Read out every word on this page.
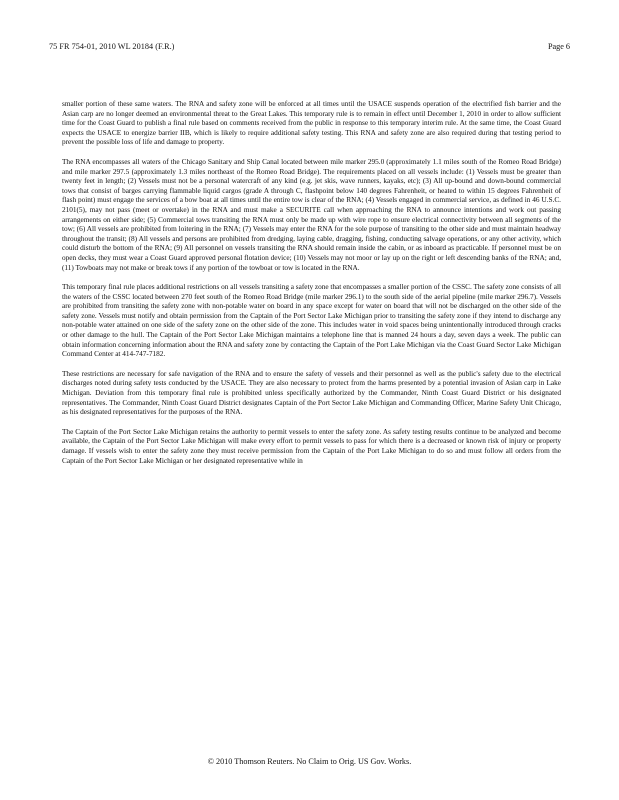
75 FR 754-01, 2010 WL 20184 (F.R.)	Page 6

smaller portion of these same waters. The RNA and safety zone will be enforced at all times until the USACE suspends operation of the electrified fish barrier and the Asian carp are no longer deemed an environmental threat to the Great Lakes. This temporary rule is to remain in effect until December 1, 2010 in order to allow sufficient time for the Coast Guard to publish a final rule based on comments received from the public in response to this temporary interim rule. At the same time, the Coast Guard expects the USACE to energize barrier IIB, which is likely to require additional safety testing. This RNA and safety zone are also required during that testing period to prevent the possible loss of life and damage to property.

The RNA encompasses all waters of the Chicago Sanitary and Ship Canal located between mile marker 295.0 (approximately 1.1 miles south of the Romeo Road Bridge) and mile marker 297.5 (approximately 1.3 miles northeast of the Romeo Road Bridge). The requirements placed on all vessels include: (1) Vessels must be greater than twenty feet in length; (2) Vessels must not be a personal watercraft of any kind (e.g. jet skis, wave runners, kayaks, etc); (3) All up-bound and down-bound commercial tows that consist of barges carrying flammable liquid cargos (grade A through C, flashpoint below 140 degrees Fahrenheit, or heated to within 15 degrees Fahrenheit of flash point) must engage the services of a bow boat at all times until the entire tow is clear of the RNA; (4) Vessels engaged in commercial service, as defined in 46 U.S.C. 2101(5), may not pass (meet or overtake) in the RNA and must make a SECURITE call when approaching the RNA to announce intentions and work out passing arrangements on either side; (5) Commercial tows transiting the RNA must only be made up with wire rope to ensure electrical connectivity between all segments of the tow; (6) All vessels are prohibited from loitering in the RNA; (7) Vessels may enter the RNA for the sole purpose of transiting to the other side and must maintain headway throughout the transit; (8) All vessels and persons are prohibited from dredging, laying cable, dragging, fishing, conducting salvage operations, or any other activity, which could disturb the bottom of the RNA; (9) All personnel on vessels transiting the RNA should remain inside the cabin, or as inboard as practicable. If personnel must be on open decks, they must wear a Coast Guard approved personal flotation device; (10) Vessels may not moor or lay up on the right or left descending banks of the RNA; and, (11) Towboats may not make or break tows if any portion of the towboat or tow is located in the RNA.

This temporary final rule places additional restrictions on all vessels transiting a safety zone that encompasses a smaller portion of the CSSC. The safety zone consists of all the waters of the CSSC located between 270 feet south of the Romeo Road Bridge (mile marker 296.1) to the south side of the aerial pipeline (mile marker 296.7). Vessels are prohibited from transiting the safety zone with non-potable water on board in any space except for water on board that will not be discharged on the other side of the safety zone. Vessels must notify and obtain permission from the Captain of the Port Sector Lake Michigan prior to transiting the safety zone if they intend to discharge any non-potable water attained on one side of the safety zone on the other side of the zone. This includes water in void spaces being unintentionally introduced through cracks or other damage to the hull. The Captain of the Port Sector Lake Michigan maintains a telephone line that is manned 24 hours a day, seven days a week. The public can obtain information concerning information about the RNA and safety zone by contacting the Captain of the Port Lake Michigan via the Coast Guard Sector Lake Michigan Command Center at 414-747-7182.

These restrictions are necessary for safe navigation of the RNA and to ensure the safety of vessels and their personnel as well as the public's safety due to the electrical discharges noted during safety tests conducted by the USACE. They are also necessary to protect from the harms presented by a potential invasion of Asian carp in Lake Michigan. Deviation from this temporary final rule is prohibited unless specifically authorized by the Commander, Ninth Coast Guard District or his designated representatives. The Commander, Ninth Coast Guard District designates Captain of the Port Sector Lake Michigan and Commanding Officer, Marine Safety Unit Chicago, as his designated representatives for the purposes of the RNA.

The Captain of the Port Sector Lake Michigan retains the authority to permit vessels to enter the safety zone. As safety testing results continue to be analyzed and become available, the Captain of the Port Sector Lake Michigan will make every effort to permit vessels to pass for which there is a decreased or known risk of injury or property damage. If vessels wish to enter the safety zone they must receive permission from the Captain of the Port Lake Michigan to do so and must follow all orders from the Captain of the Port Sector Lake Michigan or her designated representative while in

© 2010 Thomson Reuters. No Claim to Orig. US Gov. Works.
